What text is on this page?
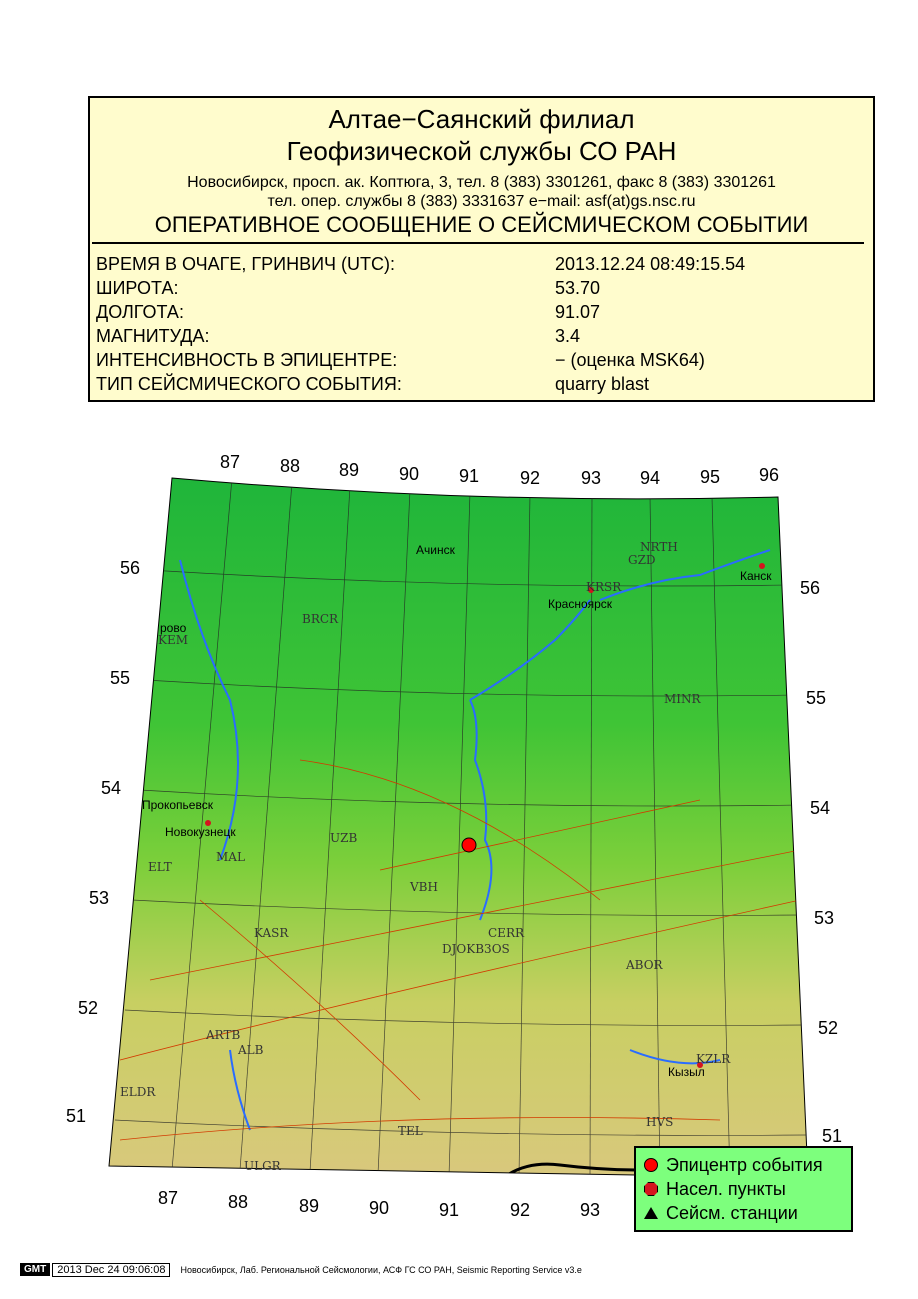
Алтае−Саянский филиал
Геофизической службы СО РАН
Новосибирск, просп. ак. Коптюга, 3, тел. 8 (383) 3301261, факс 8 (383) 3301261
тел. опер. службы 8 (383) 3331637 e−mail: asf(at)gs.nsc.ru
ОПЕРАТИВНОЕ СООБЩЕНИЕ О СЕЙСМИЧЕСКОМ СОБЫТИИ
ВРЕМЯ В ОЧАГЕ, ГРИНВИЧ (UTC):	2013.12.24 08:49:15.54
ШИРОТА:	53.70
ДОЛГОТА:	91.07
МАГНИТУДА:	3.4
ИНТЕНСИВНОСТЬ В ЭПИЦЕНТРЕ:	− (оценка MSK64)
ТИП СЕЙСМИЧЕСКОГО СОБЫТИЯ:	quarry blast
87 88 89 90 91 92 93 94 95 96
87	88	89	90	91	92	93
56
55
54
53
52
51
56
55
54
53
52
51
Ачинск
Красноярск
Канск
рово
Прокопьевск
Новокузнецк
Кызыл
NRTH
GZD
KRSR
BRCR
KEM
MINR
UZB
MAL
ELT
VBH
CERR
DJOKB3OS
KASR
ABOR
ARTB
ALB
ELDR
KZLR
HVS
TEL
ULGR	Эпицентр события
Насел. пункты
Сейсм. станции
GMT	2013 Dec 24 09:06:08	Новосибирск, Лаб. Региональной Сейсмологии, АСФ ГС СО РАН, Seismic Reporting Service v3.e
